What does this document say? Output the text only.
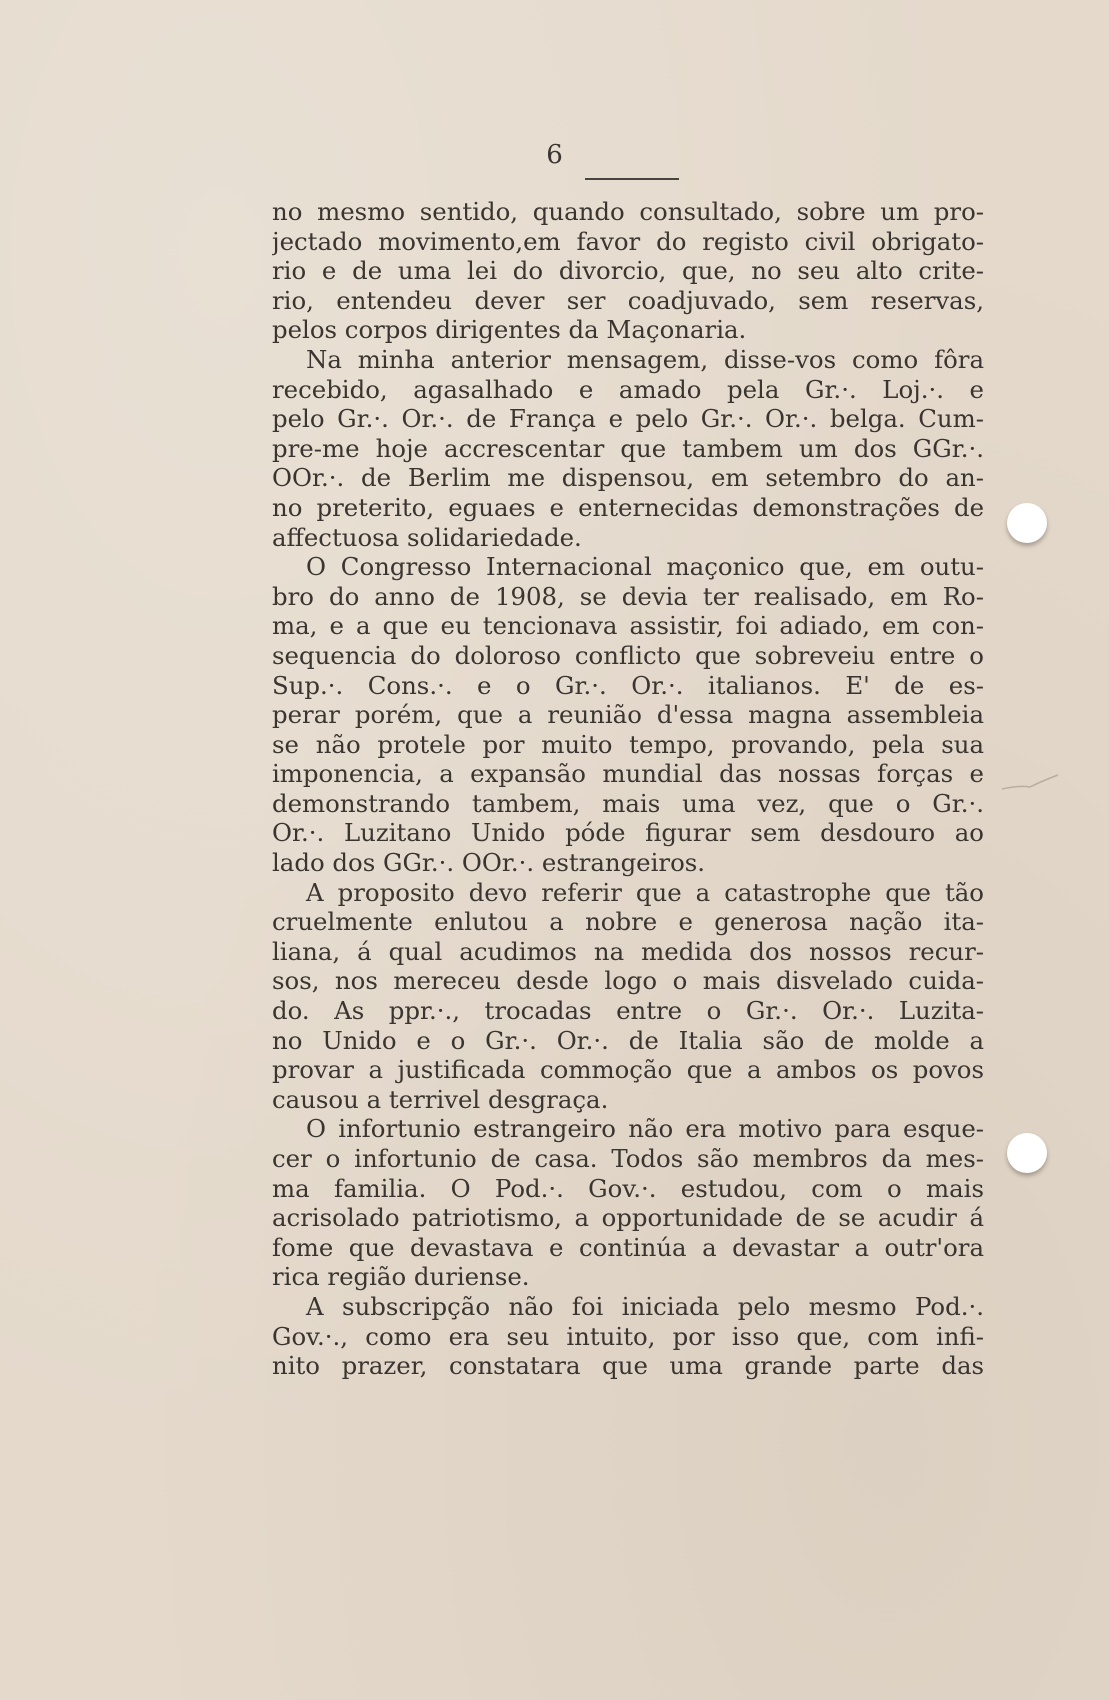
6
no mesmo sentido, quando consultado, sobre um pro-
jectado movimento,em favor do registo civil obrigato-
rio e de uma lei do divorcio, que, no seu alto crite-
rio, entendeu dever ser coadjuvado, sem reservas,
pelos corpos dirigentes da Maçonaria.
Na minha anterior mensagem, disse-vos como fôra
recebido, agasalhado e amado pela Gr.·. Loj.·. e
pelo Gr.·. Or.·. de França e pelo Gr.·. Or.·. belga. Cum-
pre-me hoje accrescentar que tambem um dos GGr.·.
OOr.·. de Berlim me dispensou, em setembro do an-
no preterito, eguaes e enternecidas demonstrações de
affectuosa solidariedade.
O Congresso Internacional maçonico que, em outu-
bro do anno de 1908, se devia ter realisado, em Ro-
ma, e a que eu tencionava assistir, foi adiado, em con-
sequencia do doloroso conflicto que sobreveiu entre o
Sup.·. Cons.·. e o Gr.·. Or.·. italianos. E' de es-
perar porém, que a reunião d'essa magna assembleia
se não protele por muito tempo, provando, pela sua
imponencia, a expansão mundial das nossas forças e
demonstrando tambem, mais uma vez, que o Gr.·.
Or.·. Luzitano Unido póde figurar sem desdouro ao
lado dos GGr.·. OOr.·. estrangeiros.
A proposito devo referir que a catastrophe que tão
cruelmente enlutou a nobre e generosa nação ita-
liana, á qual acudimos na medida dos nossos recur-
sos, nos mereceu desde logo o mais disvelado cuida-
do. As ppr.·., trocadas entre o Gr.·. Or.·. Luzita-
no Unido e o Gr.·. Or.·. de Italia são de molde a
provar a justificada commoção que a ambos os povos
causou a terrivel desgraça.
O infortunio estrangeiro não era motivo para esque-
cer o infortunio de casa. Todos são membros da mes-
ma familia. O Pod.·. Gov.·. estudou, com o mais
acrisolado patriotismo, a opportunidade de se acudir á
fome que devastava e continúa a devastar a outr'ora
rica região duriense.
A subscripção não foi iniciada pelo mesmo Pod.·.
Gov.·., como era seu intuito, por isso que, com infi-
nito prazer, constatara que uma grande parte das
